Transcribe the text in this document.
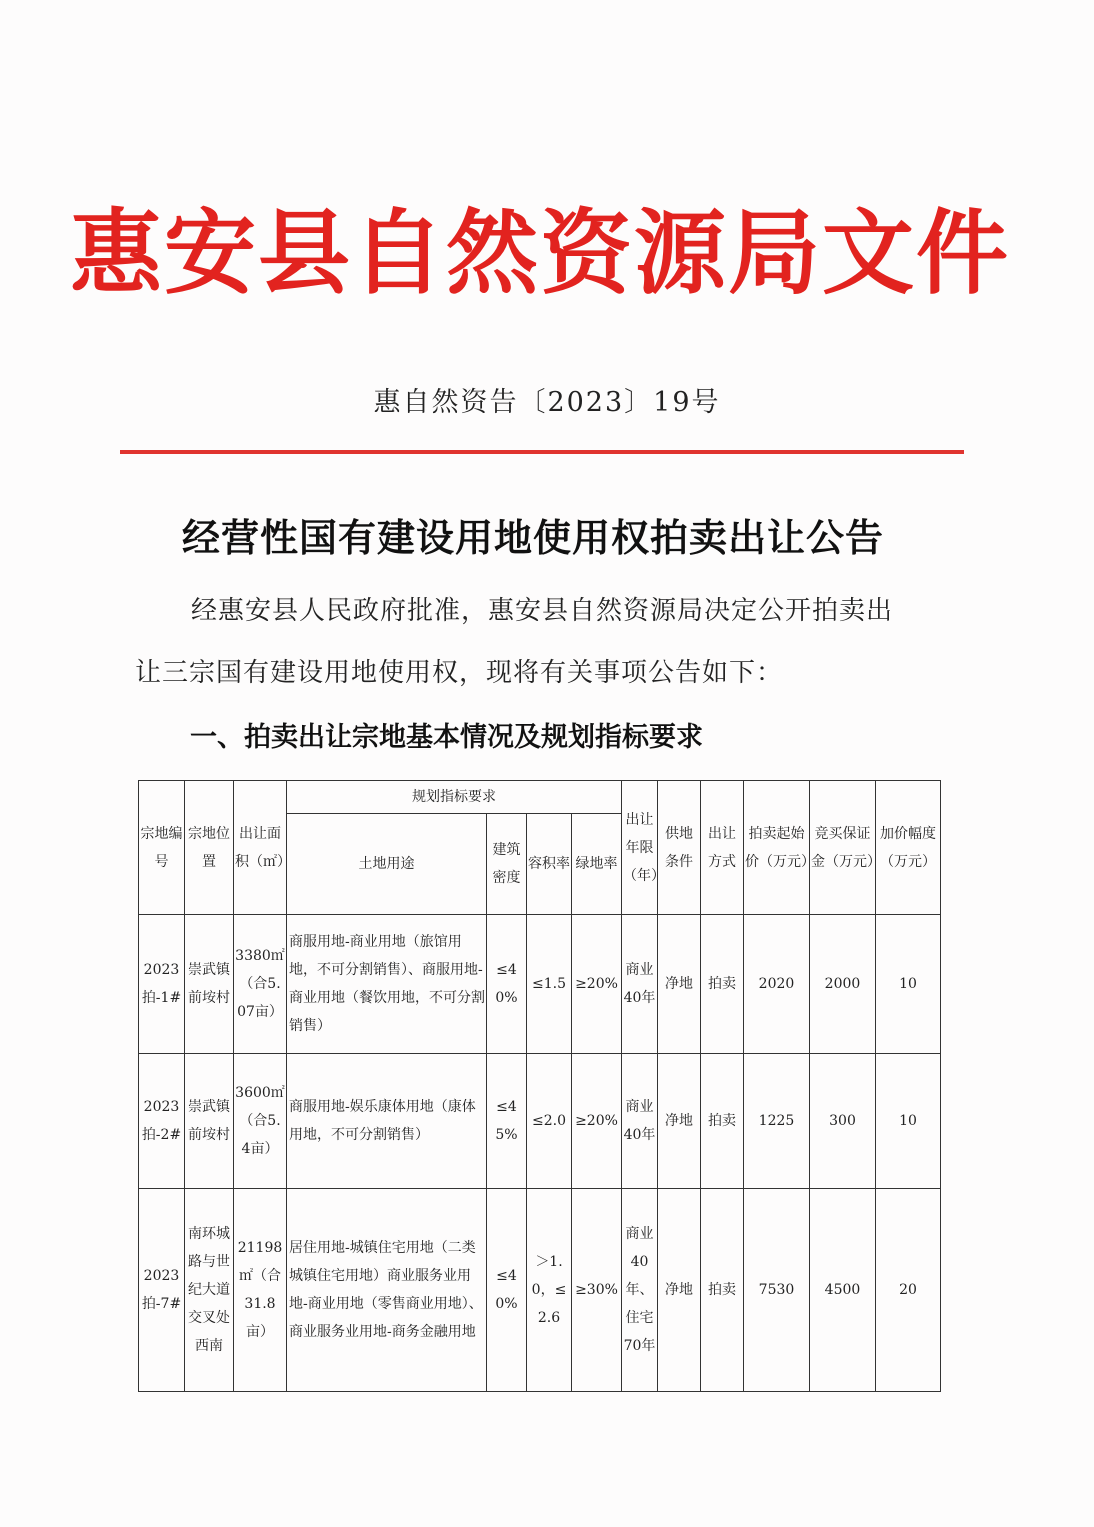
惠安县自然资源局文件
惠自然资告〔2023〕19号
经营性国有建设用地使用权拍卖出让公告
经惠安县人民政府批准，惠安县自然资源局决定公开拍卖出
让三宗国有建设用地使用权，现将有关事项公告如下：
一、拍卖出让宗地基本情况及规划指标要求
宗地编号	宗地位置	出让面积（㎡）	规划指标要求				出让年限（年）	供地条件	出让方式	拍卖起始价（万元）	竞买保证金（万元）	加价幅度（万元）
			土地用途	建筑密度	容积率	绿地率						
2023拍-1#	崇武镇前垵村	3380㎡（合5.07亩）	商服用地-商业用地（旅馆用地，不可分割销售）、商服用地-商业用地（餐饮用地，不可分割销售）	≤40%	≤1.5	≥20%	商业40年	净地	拍卖	2020	2000	10
2023拍-2#	崇武镇前垵村	3600㎡（合5.4亩）	商服用地-娱乐康体用地（康体用地，不可分割销售）	≤45%	≤2.0	≥20%	商业40年	净地	拍卖	1225	300	10
2023拍-7#	南环城路与世纪大道交叉处西南	21198㎡（合31.8亩）	居住用地-城镇住宅用地（二类城镇住宅用地）商业服务业用地-商业用地（零售商业用地）、商业服务业用地-商务金融用地	≤40%	＞1.0，≤2.6	≥30%	商业40年、住宅70年	净地	拍卖	7530	4500	20
